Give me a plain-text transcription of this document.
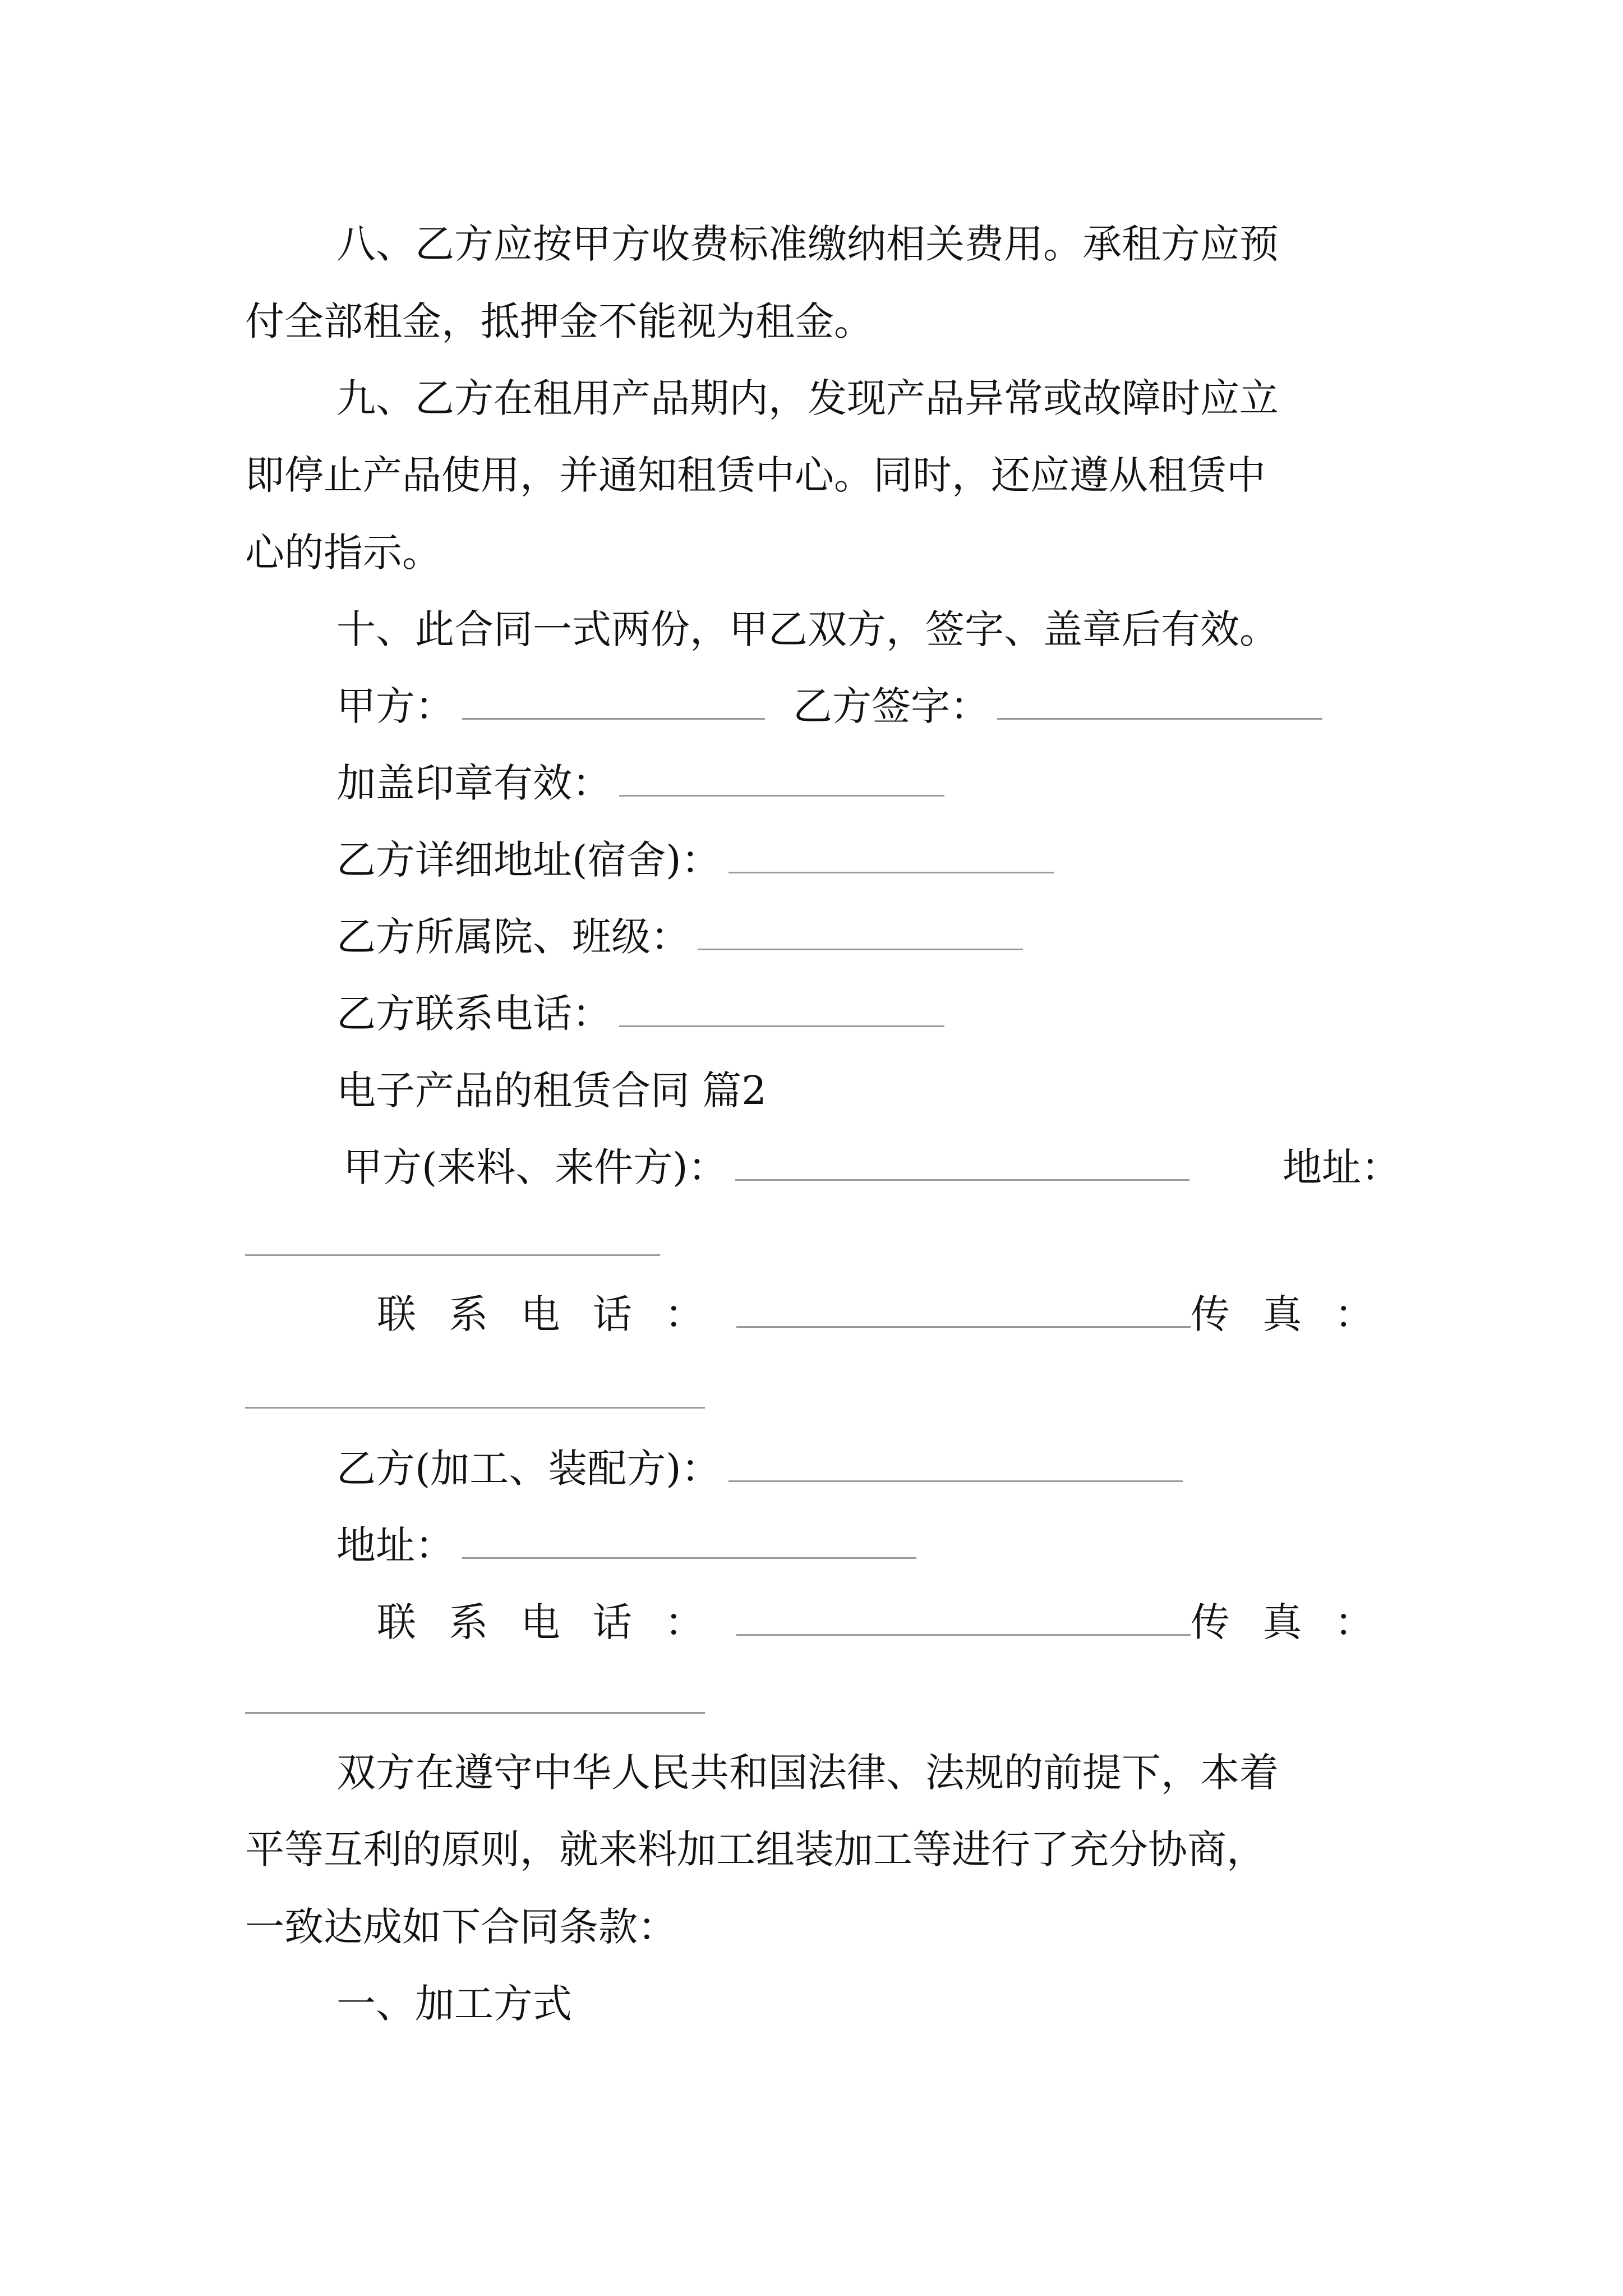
八、乙方应按甲方收费标准缴纳相关费用。承租方应预
付全部租金，抵押金不能视为租金。
九、乙方在租用产品期内，发现产品异常或故障时应立
即停止产品使用，并通知租赁中心。同时，还应遵从租赁中
心的指示。
十、此合同一式两份，甲乙双方，签字、盖章后有效。
甲方：	乙方签字：
加盖印章有效：
乙方详细地址(宿舍)：
乙方所属院、班级：
乙方联系电话：
电子产品的租赁合同 篇2
甲方(来料、来件方)：	地址：
联 系 电 话 ：	传 真 ：
乙方(加工、装配方)：
地址：
联 系 电 话 ：	传 真 ：
双方在遵守中华人民共和国法律、法规的前提下，本着
平等互利的原则，就来料加工组装加工等进行了充分协商，
一致达成如下合同条款：
一、加工方式
